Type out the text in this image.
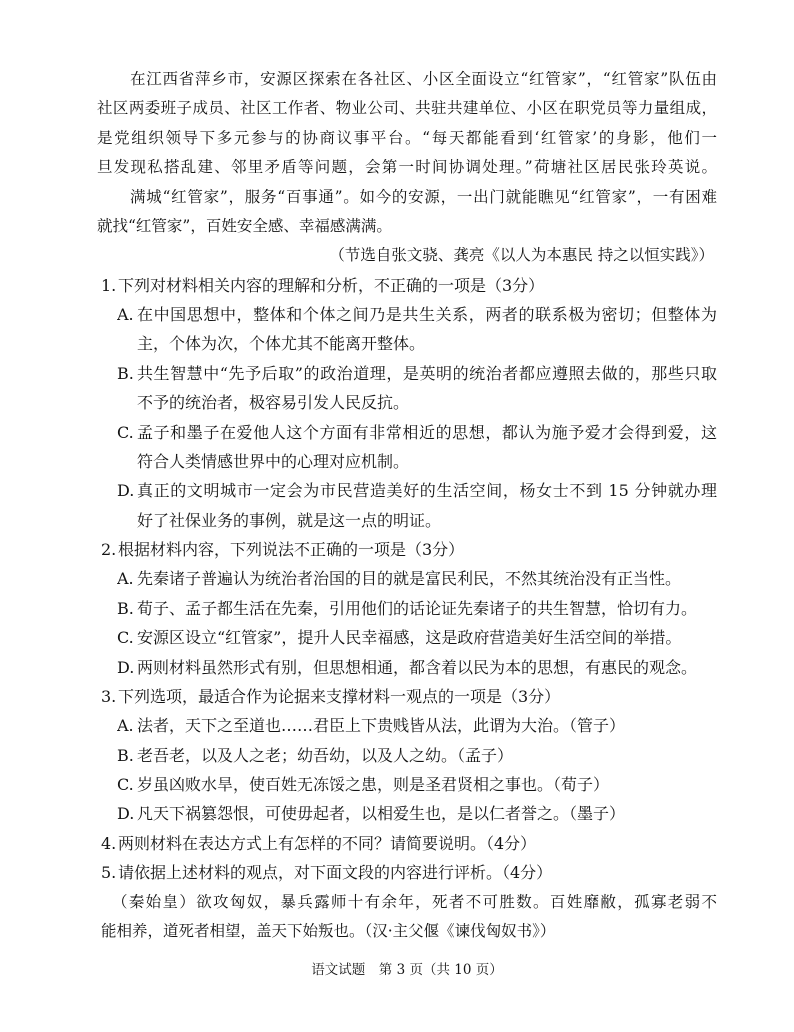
在江西省萍乡市，安源区探索在各社区、小区全面设立“红管家”，“红管家”队伍由
社区两委班子成员、社区工作者、物业公司、共驻共建单位、小区在职党员等力量组成，
是党组织领导下多元参与的协商议事平台。“每天都能看到‘红管家’的身影，他们一
旦发现私搭乱建、邻里矛盾等问题，会第一时间协调处理。”荷塘社区居民张玲英说。
满城“红管家”，服务“百事通”。如今的安源，一出门就能瞧见“红管家”，一有困难
就找“红管家”，百姓安全感、幸福感满满。
（节选自张文骁、龚亮《以人为本惠民 持之以恒实践》）
1. 下列对材料相关内容的理解和分析，不正确的一项是（3分）
A. 在中国思想中，整体和个体之间乃是共生关系，两者的联系极为密切；但整体为
主，个体为次，个体尤其不能离开整体。
B. 共生智慧中“先予后取”的政治道理，是英明的统治者都应遵照去做的，那些只取
不予的统治者，极容易引发人民反抗。
C. 孟子和墨子在爱他人这个方面有非常相近的思想，都认为施予爱才会得到爱，这
符合人类情感世界中的心理对应机制。
D. 真正的文明城市一定会为市民营造美好的生活空间，杨女士不到 15 分钟就办理
好了社保业务的事例，就是这一点的明证。
2. 根据材料内容，下列说法不正确的一项是（3分）
A. 先秦诸子普遍认为统治者治国的目的就是富民利民，不然其统治没有正当性。
B. 荀子、孟子都生活在先秦，引用他们的话论证先秦诸子的共生智慧，恰切有力。
C. 安源区设立“红管家”，提升人民幸福感，这是政府营造美好生活空间的举措。
D. 两则材料虽然形式有别，但思想相通，都含着以民为本的思想，有惠民的观念。
3. 下列选项，最适合作为论据来支撑材料一观点的一项是（3分）
A. 法者，天下之至道也……君臣上下贵贱皆从法，此谓为大治。（管子）
B. 老吾老，以及人之老；幼吾幼，以及人之幼。（孟子）
C. 岁虽凶败水旱，使百姓无冻馁之患，则是圣君贤相之事也。（荀子）
D. 凡天下祸篡怨恨，可使毋起者，以相爱生也，是以仁者誉之。（墨子）
4. 两则材料在表达方式上有怎样的不同？请简要说明。（4分）
5. 请依据上述材料的观点，对下面文段的内容进行评析。（4分）
（秦始皇）欲攻匈奴，暴兵露师十有余年，死者不可胜数。百姓靡敝，孤寡老弱不
能相养，道死者相望，盖天下始叛也。（汉·主父偃《谏伐匈奴书》）
语文试题　第 3 页（共 10 页）
